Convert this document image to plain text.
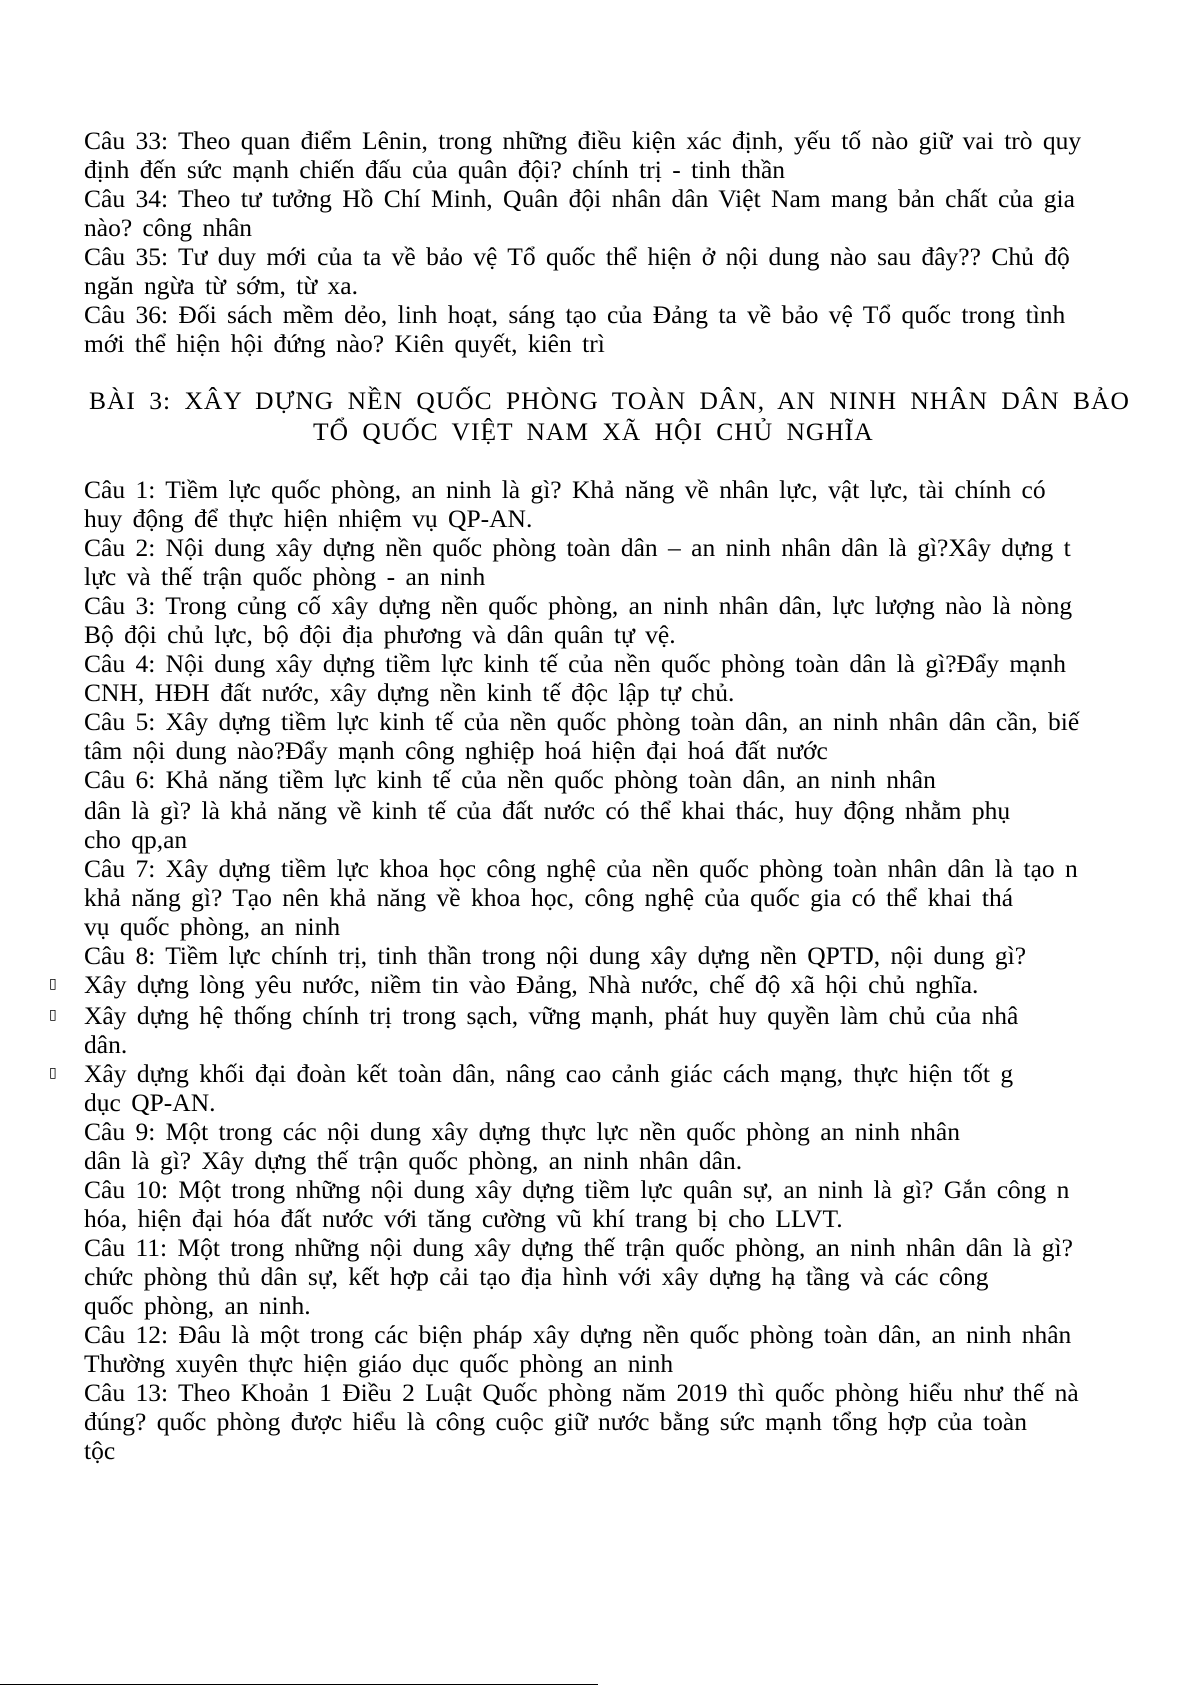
Câu 33: Theo quan điểm Lênin, trong những điều kiện xác định, yếu tố nào giữ vai trò quy
định đến sức mạnh chiến đấu của quân đội? chính trị - tinh thần
Câu 34: Theo tư tưởng Hồ Chí Minh, Quân đội nhân dân Việt Nam mang bản chất của gia
nào? công nhân
Câu 35: Tư duy mới của ta về bảo vệ Tổ quốc thể hiện ở nội dung nào sau đây?? Chủ độ
ngăn ngừa từ sớm, từ xa.
Câu 36: Đối sách mềm dẻo, linh hoạt, sáng tạo của Đảng ta về bảo vệ Tổ quốc trong tình
mới thể hiện hội đứng nào? Kiên quyết, kiên trì
BÀI 3: XÂY DỰNG NỀN QUỐC PHÒNG TOÀN DÂN, AN NINH NHÂN DÂN BẢO
TỔ QUỐC VIỆT NAM XÃ HỘI CHỦ NGHĨA
Câu 1: Tiềm lực quốc phòng, an ninh là gì? Khả năng về nhân lực, vật lực, tài chính có
huy động để thực hiện nhiệm vụ QP-AN.
Câu 2: Nội dung xây dựng nền quốc phòng toàn dân – an ninh nhân dân là gì?Xây dựng t
lực và thế trận quốc phòng - an ninh
Câu 3: Trong củng cố xây dựng nền quốc phòng, an ninh nhân dân, lực lượng nào là nòng
Bộ đội chủ lực, bộ đội địa phương và dân quân tự vệ.
Câu 4: Nội dung xây dựng tiềm lực kinh tế của nền quốc phòng toàn dân là gì?Đẩy mạnh
CNH, HĐH đất nước, xây dựng nền kinh tế độc lập tự chủ.
Câu 5: Xây dựng tiềm lực kinh tế của nền quốc phòng toàn dân, an ninh nhân dân cần, biế
tâm nội dung nào?Đẩy mạnh công nghiệp hoá hiện đại hoá đất nước
Câu 6: Khả năng tiềm lực kinh tế của nền quốc phòng toàn dân, an ninh nhân
dân là gì? là khả năng về kinh tế của đất nước có thể khai thác, huy động nhằm phụ
cho qp,an
Câu 7: Xây dựng tiềm lực khoa học công nghệ của nền quốc phòng toàn nhân dân là tạo n
khả năng gì? Tạo nên khả năng về khoa học, công nghệ của quốc gia có thể khai thá
vụ quốc phòng, an ninh
Câu 8: Tiềm lực chính trị, tinh thần trong nội dung xây dựng nền QPTD, nội dung gì?
▯ Xây dựng lòng yêu nước, niềm tin vào Đảng, Nhà nước, chế độ xã hội chủ nghĩa.
▯ Xây dựng hệ thống chính trị trong sạch, vững mạnh, phát huy quyền làm chủ của nhâ
dân.
▯ Xây dựng khối đại đoàn kết toàn dân, nâng cao cảnh giác cách mạng, thực hiện tốt g
dục QP-AN.
Câu 9: Một trong các nội dung xây dựng thực lực nền quốc phòng an ninh nhân
dân là gì? Xây dựng thế trận quốc phòng, an ninh nhân dân.
Câu 10: Một trong những nội dung xây dựng tiềm lực quân sự, an ninh là gì? Gắn công n
hóa, hiện đại hóa đất nước với tăng cường vũ khí trang bị cho LLVT.
Câu 11: Một trong những nội dung xây dựng thế trận quốc phòng, an ninh nhân dân là gì?
chức phòng thủ dân sự, kết hợp cải tạo địa hình với xây dựng hạ tầng và các công
quốc phòng, an ninh.
Câu 12: Đâu là một trong các biện pháp xây dựng nền quốc phòng toàn dân, an ninh nhân
Thường xuyên thực hiện giáo dục quốc phòng an ninh
Câu 13: Theo Khoản 1 Điều 2 Luật Quốc phòng năm 2019 thì quốc phòng hiểu như thế nà
đúng? quốc phòng được hiểu là công cuộc giữ nước bằng sức mạnh tổng hợp của toàn
tộc
